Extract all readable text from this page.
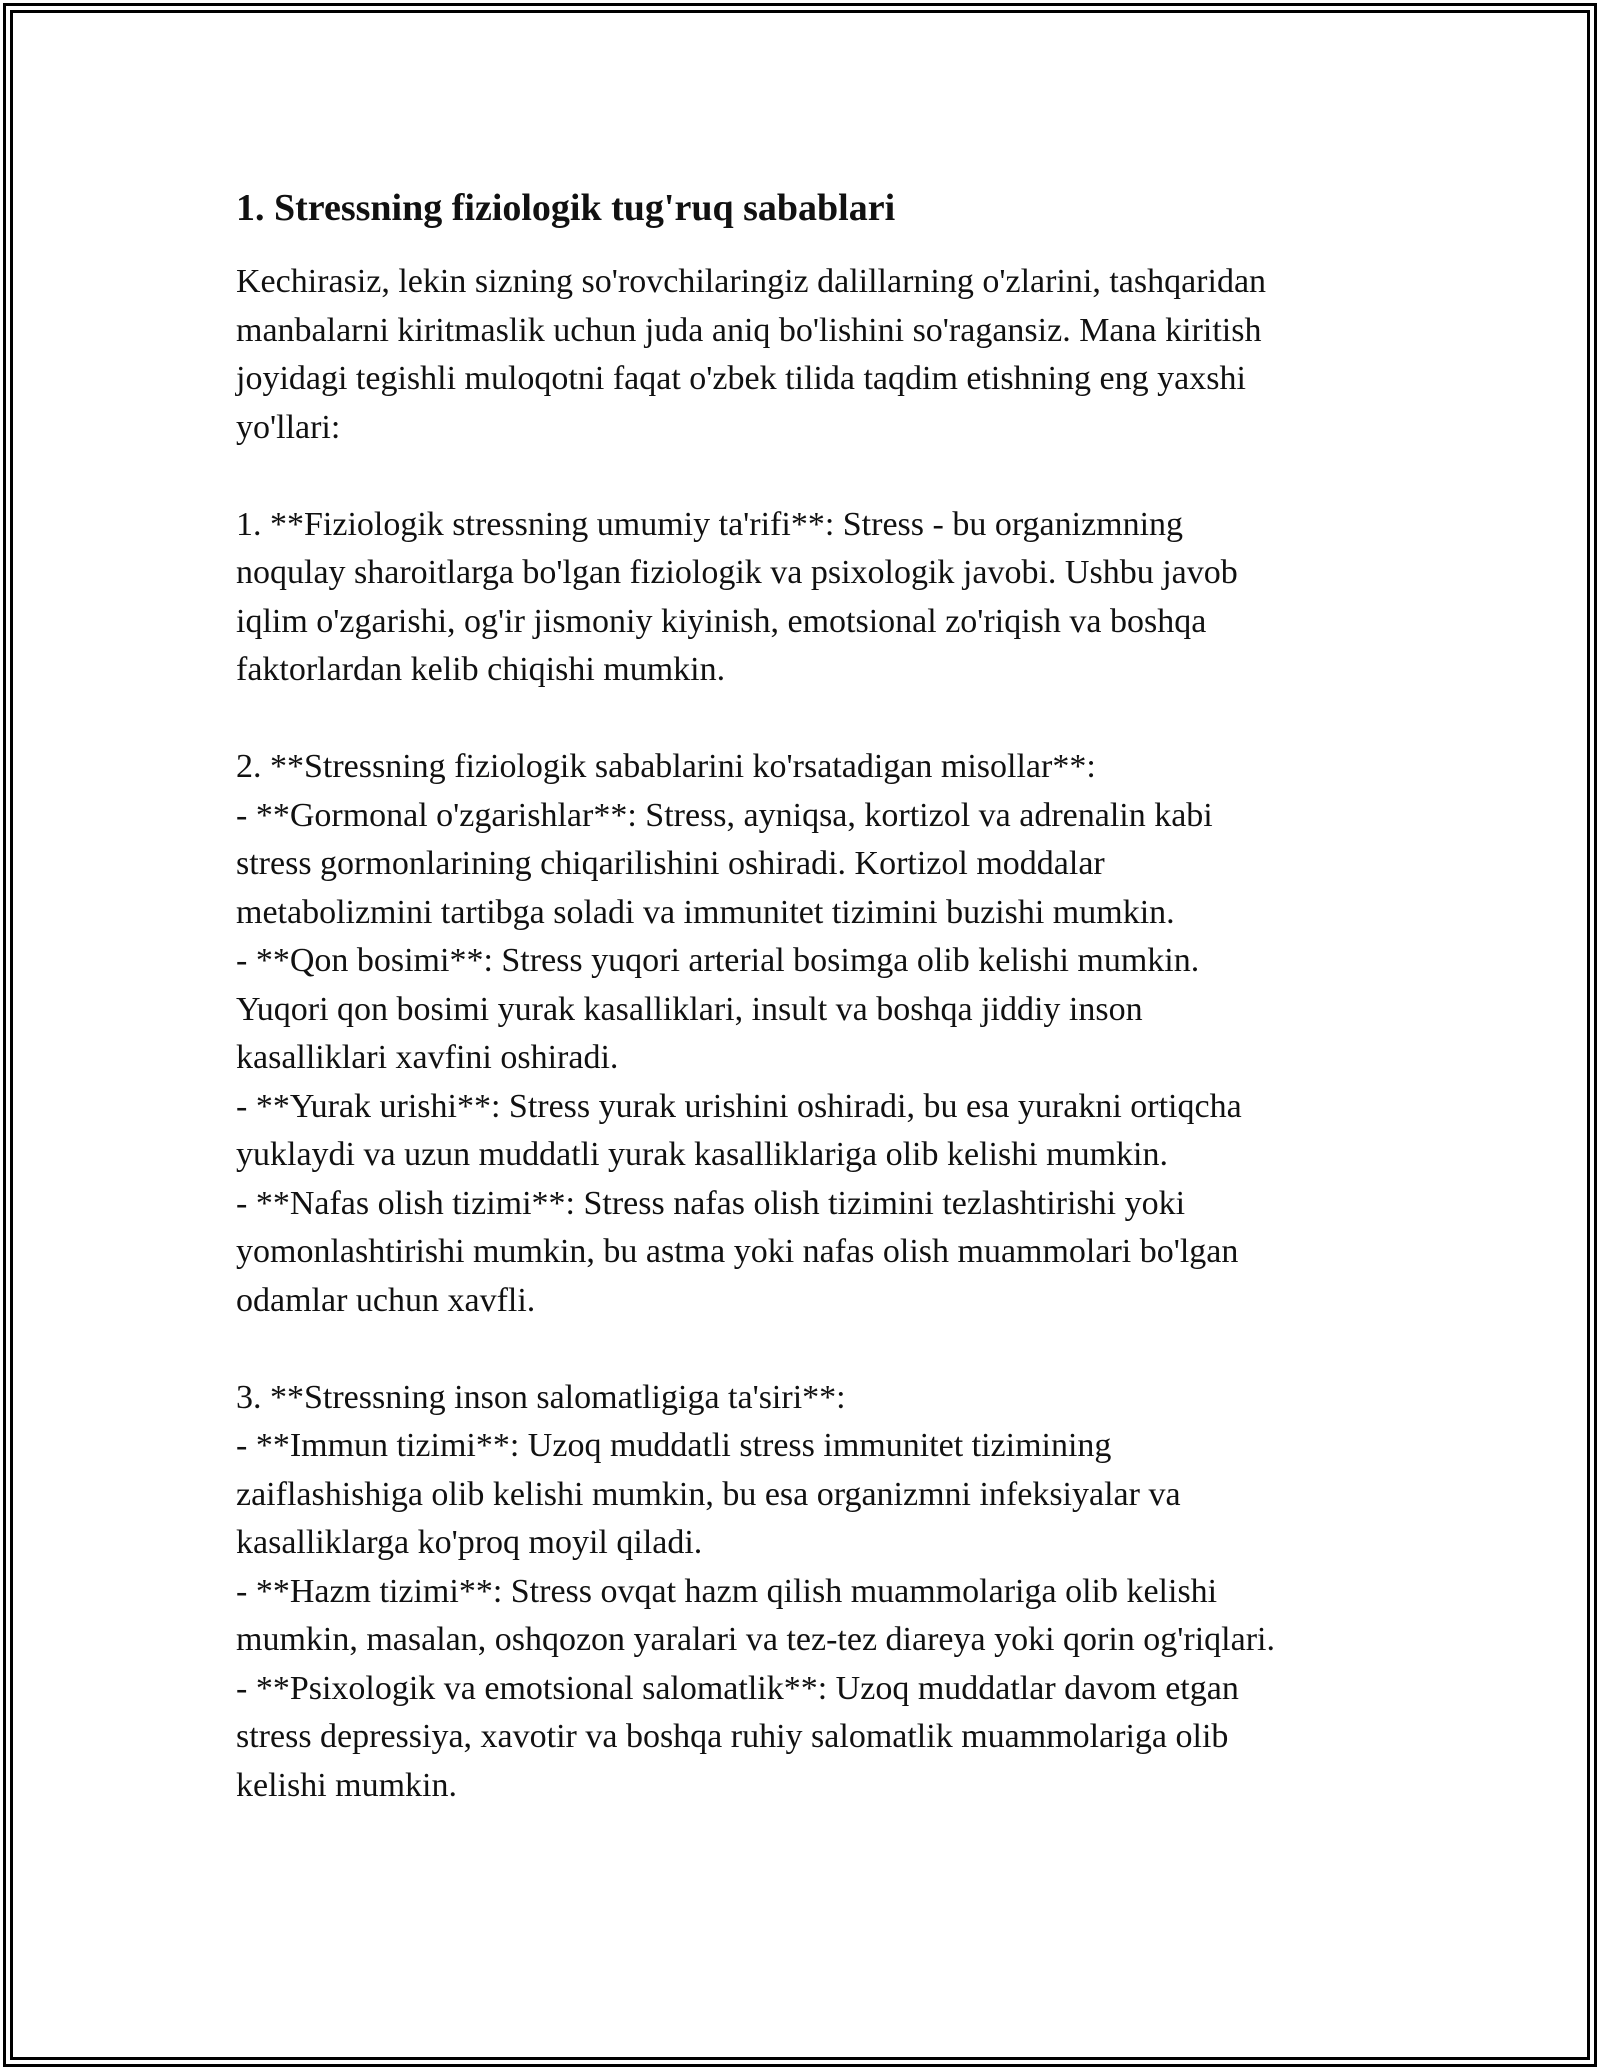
1. Stressning fiziologik tug'ruq sabablari

Kechirasiz, lekin sizning so'rovchilaringiz dalillarning o'zlarini, tashqaridan
manbalarni kiritmaslik uchun juda aniq bo'lishini so'ragansiz. Mana kiritish
joyidagi tegishli muloqotni faqat o'zbek tilida taqdim etishning eng yaxshi
yo'llari:

1. **Fiziologik stressning umumiy ta'rifi**: Stress - bu organizmning
noqulay sharoitlarga bo'lgan fiziologik va psixologik javobi. Ushbu javob
iqlim o'zgarishi, og'ir jismoniy kiyinish, emotsional zo'riqish va boshqa
faktorlardan kelib chiqishi mumkin.

2. **Stressning fiziologik sabablarini ko'rsatadigan misollar**:
- **Gormonal o'zgarishlar**: Stress, ayniqsa, kortizol va adrenalin kabi
stress gormonlarining chiqarilishini oshiradi. Kortizol moddalar
metabolizmini tartibga soladi va immunitet tizimini buzishi mumkin.
- **Qon bosimi**: Stress yuqori arterial bosimga olib kelishi mumkin.
Yuqori qon bosimi yurak kasalliklari, insult va boshqa jiddiy inson
kasalliklari xavfini oshiradi.
- **Yurak urishi**: Stress yurak urishini oshiradi, bu esa yurakni ortiqcha
yuklaydi va uzun muddatli yurak kasalliklariga olib kelishi mumkin.
- **Nafas olish tizimi**: Stress nafas olish tizimini tezlashtirishi yoki
yomonlashtirishi mumkin, bu astma yoki nafas olish muammolari bo'lgan
odamlar uchun xavfli.

3. **Stressning inson salomatligiga ta'siri**:
- **Immun tizimi**: Uzoq muddatli stress immunitet tizimining
zaiflashishiga olib kelishi mumkin, bu esa organizmni infeksiyalar va
kasalliklarga ko'proq moyil qiladi.
- **Hazm tizimi**: Stress ovqat hazm qilish muammolariga olib kelishi
mumkin, masalan, oshqozon yaralari va tez-tez diareya yoki qorin og'riqlari.
- **Psixologik va emotsional salomatlik**: Uzoq muddatlar davom etgan
stress depressiya, xavotir va boshqa ruhiy salomatlik muammolariga olib
kelishi mumkin.
